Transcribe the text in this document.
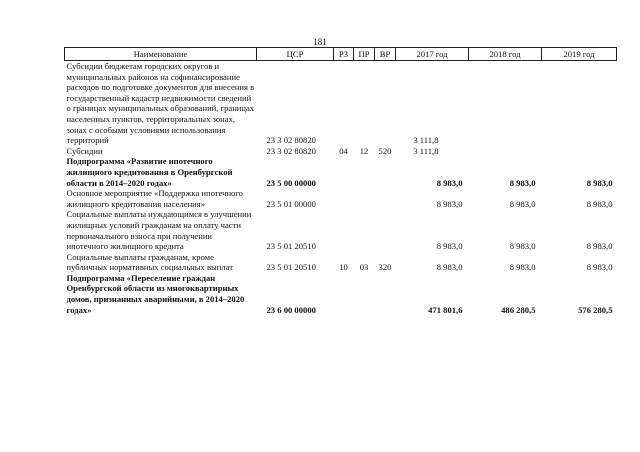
181
Наименование	ЦСР	РЗ	ПР	ВР	2017 год	2018 год	2019 год
Субсидии бюджетам городских округов и муниципальных районов на софинансирование расходов по подготовке документов для внесения в государственный кадастр недвижимости сведений о границах муниципальных образований, границах населенных пунктов, территориальных зонах, зонах с особыми условиями использования территорий	23 3 02 80820				3 111,8		
Субсидии	23 3 02 80820	04	12	520	3 111,8		
Подпрограмма «Развитие ипотечного жилищного кредитования в Оренбургской области в 2014–2020 годах»	23 5 00 00000				8 983,0	8 983,0	8 983,0
Основное мероприятие «Поддержка ипотечного жилищного кредитования населения»	23 5 01 00000				8 983,0	8 983,0	8 983,0
Социальные выплаты нуждающимся в улучшении жилищных условий гражданам на оплату части первоначального взноса при получении ипотечного жилищного кредита	23 5 01 20510				8 983,0	8 983,0	8 983,0
Социальные выплаты гражданам, кроме публичных нормативных социальных выплат	23 5 01 20510	10	03	320	8 983,0	8 983,0	8 983,0
Подпрограмма «Переселение граждан Оренбургской области из многоквартирных домов, признанных аварийными, в 2014–2020 годах»	23 6 00 00000				471 801,6	486 280,5	576 280,5
